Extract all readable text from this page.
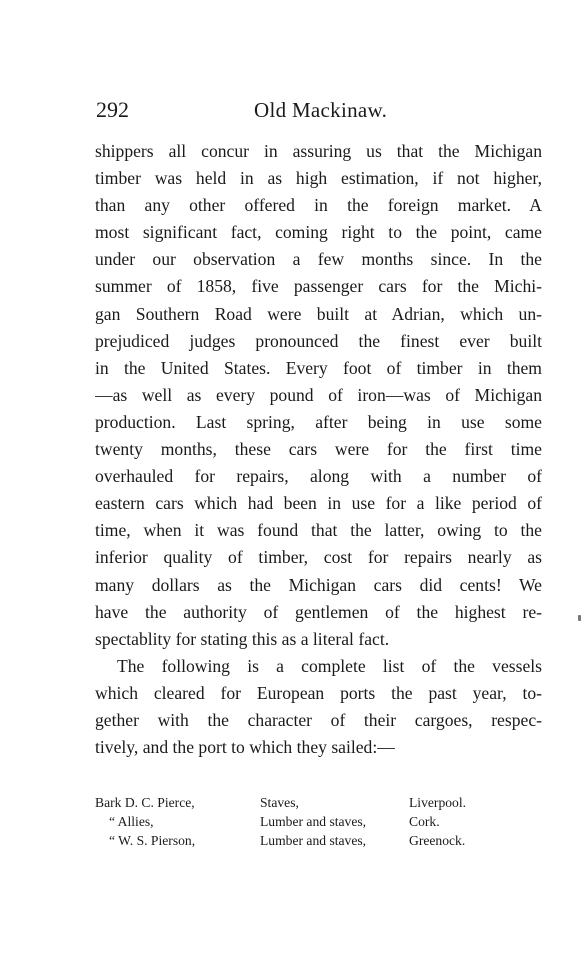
292	Old Mackinaw.
shippers all concur in assuring us that the Michigan
timber was held in as high estimation, if not higher,
than any other offered in the foreign market. A
most significant fact, coming right to the point, came
under our observation a few months since. In the
summer of 1858, five passenger cars for the Michi-
gan Southern Road were built at Adrian, which un-
prejudiced judges pronounced the finest ever built
in the United States. Every foot of timber in them
—as well as every pound of iron—was of Michigan
production. Last spring, after being in use some
twenty months, these cars were for the first time
overhauled for repairs, along with a number of
eastern cars which had been in use for a like period of
time, when it was found that the latter, owing to the
inferior quality of timber, cost for repairs nearly as
many dollars as the Michigan cars did cents! We
have the authority of gentlemen of the highest re-
spectablity for stating this as a literal fact.
The following is a complete list of the vessels
which cleared for European ports the past year, to-
gether with the character of their cargoes, respec-
tively, and the port to which they sailed:—
Bark D. C. Pierce,	Staves,	Liverpool.
“ Allies,	Lumber and staves,	Cork.
“ W. S. Pierson,	Lumber and staves,	Greenock.
